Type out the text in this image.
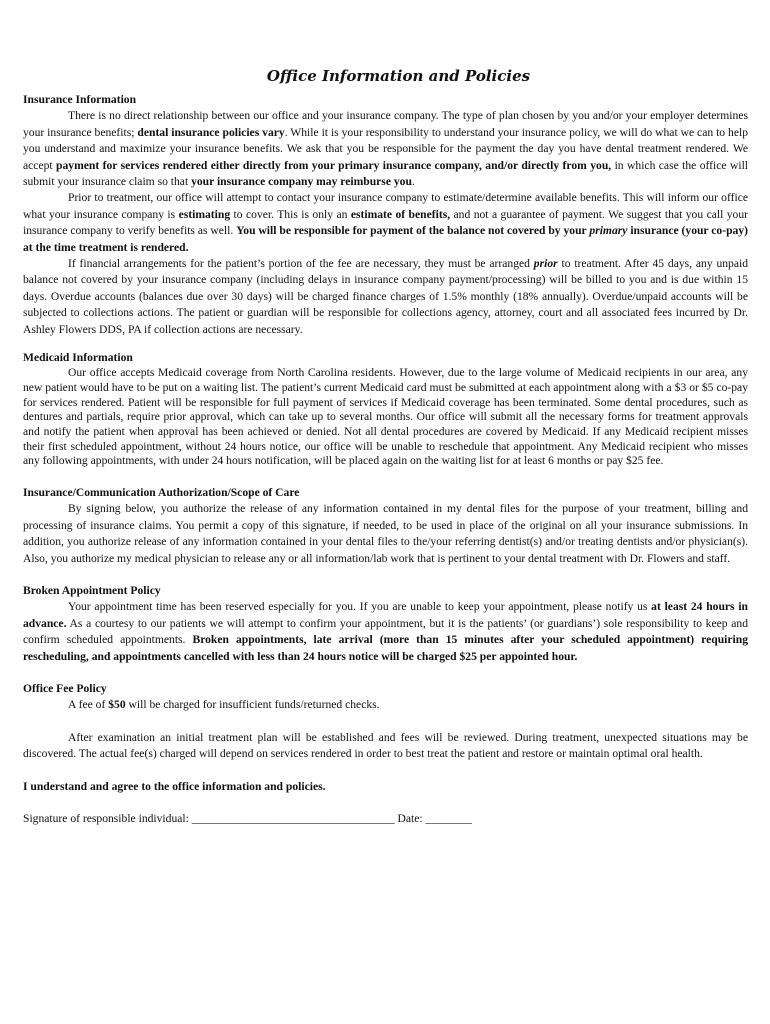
Office Information and Policies
Insurance Information

There is no direct relationship between our office and your insurance company. The type of plan chosen by you and/or your employer determines your insurance benefits; dental insurance policies vary. While it is your responsibility to understand your insurance policy, we will do what we can to help you understand and maximize your insurance benefits. We ask that you be responsible for the payment the day you have dental treatment rendered. We accept payment for services rendered either directly from your primary insurance company, and/or directly from you, in which case the office will submit your insurance claim so that your insurance company may reimburse you.

Prior to treatment, our office will attempt to contact your insurance company to estimate/determine available benefits. This will inform our office what your insurance company is estimating to cover. This is only an estimate of benefits, and not a guarantee of payment. We suggest that you call your insurance company to verify benefits as well. You will be responsible for payment of the balance not covered by your primary insurance (your co-pay) at the time treatment is rendered.

If financial arrangements for the patient’s portion of the fee are necessary, they must be arranged prior to treatment. After 45 days, any unpaid balance not covered by your insurance company (including delays in insurance company payment/processing) will be billed to you and is due within 15 days. Overdue accounts (balances due over 30 days) will be charged finance charges of 1.5% monthly (18% annually). Overdue/unpaid accounts will be subjected to collections actions. The patient or guardian will be responsible for collections agency, attorney, court and all associated fees incurred by Dr. Ashley Flowers DDS, PA if collection actions are necessary.

Medicaid Information

Our office accepts Medicaid coverage from North Carolina residents. However, due to the large volume of Medicaid recipients in our area, any new patient would have to be put on a waiting list. The patient’s current Medicaid card must be submitted at each appointment along with a $3 or $5 co-pay for services rendered. Patient will be responsible for full payment of services if Medicaid coverage has been terminated. Some dental procedures, such as dentures and partials, require prior approval, which can take up to several months. Our office will submit all the necessary forms for treatment approvals and notify the patient when approval has been achieved or denied. Not all dental procedures are covered by Medicaid. If any Medicaid recipient misses their first scheduled appointment, without 24 hours notice, our office will be unable to reschedule that appointment. Any Medicaid recipient who misses any following appointments, with under 24 hours notification, will be placed again on the waiting list for at least 6 months or pay $25 fee.

Insurance/Communication Authorization/Scope of Care

By signing below, you authorize the release of any information contained in my dental files for the purpose of your treatment, billing and processing of insurance claims. You permit a copy of this signature, if needed, to be used in place of the original on all your insurance submissions. In addition, you authorize release of any information contained in your dental files to the/your referring dentist(s) and/or treating dentists and/or physician(s). Also, you authorize my medical physician to release any or all information/lab work that is pertinent to your dental treatment with Dr. Flowers and staff.

Broken Appointment Policy

Your appointment time has been reserved especially for you. If you are unable to keep your appointment, please notify us at least 24 hours in advance. As a courtesy to our patients we will attempt to confirm your appointment, but it is the patients’ (or guardians’) sole responsibility to keep and confirm scheduled appointments. Broken appointments, late arrival (more than 15 minutes after your scheduled appointment) requiring rescheduling, and appointments cancelled with less than 24 hours notice will be charged $25 per appointed hour.

Office Fee Policy

A fee of $50 will be charged for insufficient funds/returned checks.

After examination an initial treatment plan will be established and fees will be reviewed. During treatment, unexpected situations may be discovered. The actual fee(s) charged will depend on services rendered in order to best treat the patient and restore or maintain optimal oral health.

I understand and agree to the office information and policies.

Signature of responsible individual: ___________________________________ Date: ________
